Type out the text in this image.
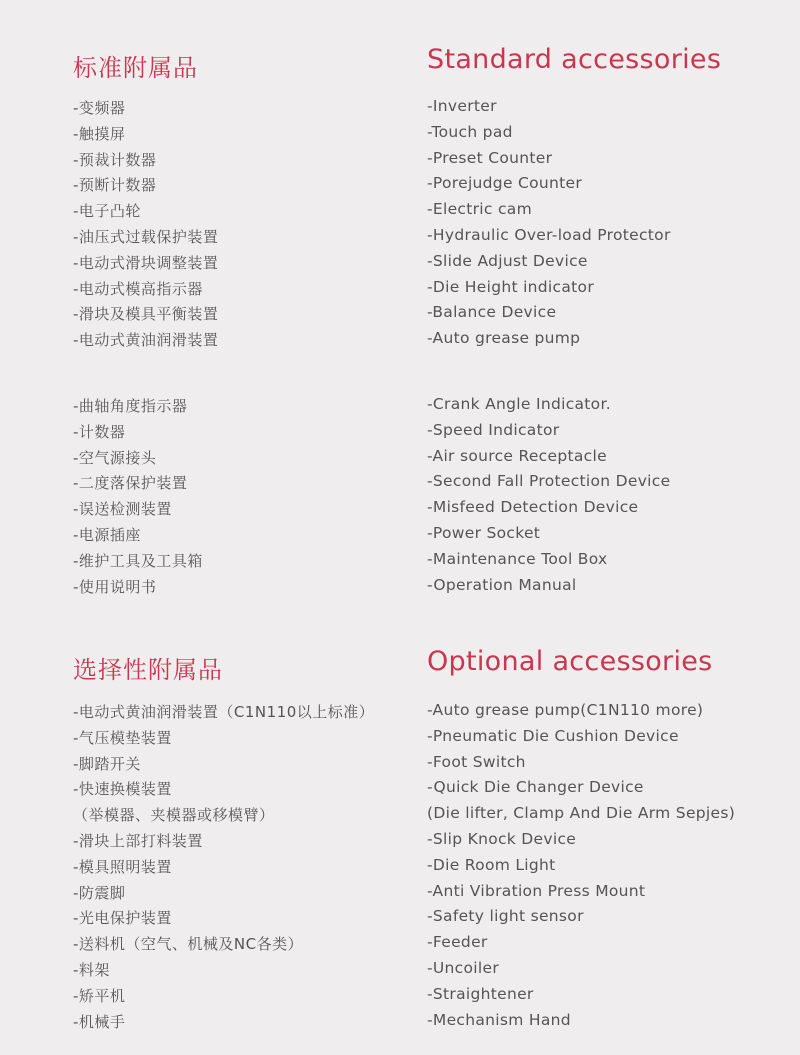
标准附属品	Standard accessories
-变频器
-触摸屏
-预裁计数器
-预断计数器
-电子凸轮
-油压式过载保护装置
-电动式滑块调整装置
-电动式模高指示器
-滑块及模具平衡装置
-电动式黄油润滑装置
-Inverter
-Touch pad
-Preset Counter
-Porejudge Counter
-Electric cam
-Hydraulic Over-load Protector
-Slide Adjust Device
-Die Height indicator
-Balance Device
-Auto grease pump
-曲轴角度指示器
-计数器
-空气源接头
-二度落保护装置
-误送检测装置
-电源插座
-维护工具及工具箱
-使用说明书
-Crank Angle Indicator.
-Speed Indicator
-Air source Receptacle
-Second Fall Protection Device
-Misfeed Detection Device
-Power Socket
-Maintenance Tool Box
-Operation Manual
选择性附属品	Optional accessories
-电动式黄油润滑装置（C1N110以上标准）
-气压模垫装置
-脚踏开关
-快速换模装置
（举模器、夹模器或移模臂）
-滑块上部打料装置
-模具照明装置
-防震脚
-光电保护装置
-送料机（空气、机械及NC各类）
-料架
-矫平机
-机械手
-Auto grease pump(C1N110 more)
-Pneumatic Die Cushion Device
-Foot Switch
-Quick Die Changer Device
(Die lifter, Clamp And Die Arm Sepjes)
-Slip Knock Device
-Die Room Light
-Anti Vibration Press Mount
-Safety light sensor
-Feeder
-Uncoiler
-Straightener
-Mechanism Hand
